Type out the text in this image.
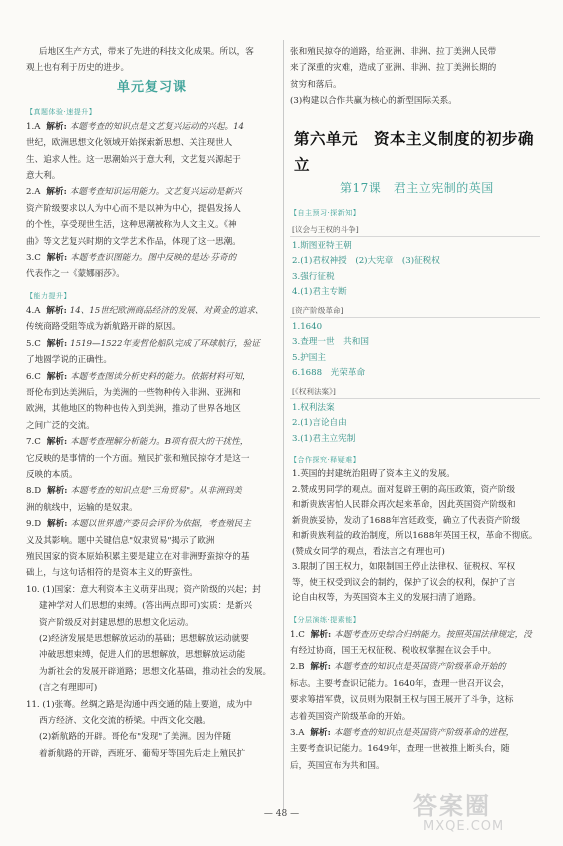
后地区生产方式，带来了先进的科技文化成果。所以，客

观上也有利于历史的进步。

单元复习课
【真题体验·速提升】

1.A 解析: 本题考查的知识点是文艺复兴运动的兴起。14

世纪，欧洲思想文化领域开始探索新思想、关注现世人

生、追求人性。这一思潮始兴于意大利，文艺复兴源起于

意大利。

2.A 解析: 本题考查知识运用能力。文艺复兴运动是新兴

资产阶级要求以人为中心而不是以神为中心，提倡发扬人

的个性，享受现世生活，这种思潮被称为人文主义。《神

曲》等文艺复兴时期的文学艺术作品，体现了这一思潮。

3.C 解析: 本题考查识图能力。图中反映的是达·芬奇的

代表作之一《蒙娜丽莎》。

【能力提升】

4.A 解析: 14、15世纪欧洲商品经济的发展、对黄金的追求、

传统商路受阻等成为新航路开辟的原因。

5.C 解析: 1519—1522年麦哲伦船队完成了环球航行，验证

了地圆学说的正确性。

6.C 解析: 本题考查图读分析史料的能力。依据材料可知，

哥伦布到达美洲后，为美洲的一些物种传入非洲、亚洲和

欧洲，其他地区的物种也传入到美洲，推动了世界各地区

之间广泛的交流。

7.C 解析: 本题考查理解分析能力。B项有很大的干扰性，

它反映的是事情的一个方面。殖民扩张和殖民掠夺才是这一

反映的本质。

8.D 解析: 本题考查的知识点是"三角贸易"。从非洲到美

洲的航线中，运输的是奴隶。

9.D 解析: 本题以世界遗产委员会评价为依据，考查殖民主

义及其影响。题中关键信息"奴隶贸易"揭示了欧洲

殖民国家的资本原始积累主要是建立在对非洲野蛮掠夺的基

础上，与这句话相符的是资本主义的野蛮性。

10. (1)国家：意大利资本主义萌芽出现；资产阶级的兴起；封

建神学对人们思想的束缚。(答出两点即可)实质：是新兴

资产阶级反对封建思想的思想文化运动。

(2)经济发展是思想解放运动的基础；思想解放运动就要

冲破思想束缚，促进人们的思想解放，思想解放运动能

为新社会的发展开辟道路；思想文化基础，推动社会的发展。

(言之有理即可)

11. (1)张骞。丝绸之路是沟通中西交通的陆上要道，成为中

西方经济、文化交流的桥梁。中西文化交融。

(2)新航路的开辟。哥伦布"发现"了美洲。因为伴随

着新航路的开辟，西班牙、葡萄牙等国先后走上殖民扩

张和殖民掠夺的道路，给亚洲、非洲、拉丁美洲人民带

来了深重的灾难，造成了亚洲、非洲、拉丁美洲长期的

贫穷和落后。

(3)构建以合作共赢为核心的新型国际关系。

第六单元　资本主义制度的初步确立
第17课　君主立宪制的英国
【自主预习·探新知】
[议会与王权的斗争]

1.斯图亚特王朝

2.(1)君权神授　(2)大宪章　(3)征税权

3.强行征税

4.(1)君主专断

[资产阶级革命]

1.1640

3.查理一世　共和国

5.护国主

6.1688　光荣革命

[《权利法案》]

1.权利法案

2.(1)言论自由

3.(1)君主立宪制

【合作探究·释疑难】

1.英国的封建统治阻碍了资本主义的发展。

2.赞成男同学的观点。面对复辟王朝的高压政策，资产阶级

和新贵族害怕人民群众再次起来革命，因此英国资产阶级和

新贵族妥协，发动了1688年宫廷政变，确立了代表资产阶级

和新贵族利益的政治制度，所以1688年英国王权，革命不彻底。

(赞成女同学的观点，看法言之有理也可)

3.限制了国王权力，如限制国王停止法律权、征税权、军权

等，使王权受到议会的制约，保护了议会的权利，保护了言

论自由权等，为英国资本主义的发展扫清了道路。

【分层演练·提素能】

1.C 解析: 本题考查历史综合归纳能力。按照英国法律规定，没

有经过协商，国王无权征税、税收权掌握在议会手中。

2.B 解析: 本题考查的知识点是英国资产阶级革命开始的

标志。主要考查识记能力。1640年，查理一世召开议会，

要求筹措军费，议员则为限制王权与国王展开了斗争，这标

志着英国资产阶级革命的开始。

3.A 解析: 本题考查的知识点是英国资产阶级革命的进程，

主要考查识记能力。1649年，查理一世被推上断头台，随

后，英国宣布为共和国。

— 48 —	答案圈
MXQE.COM
